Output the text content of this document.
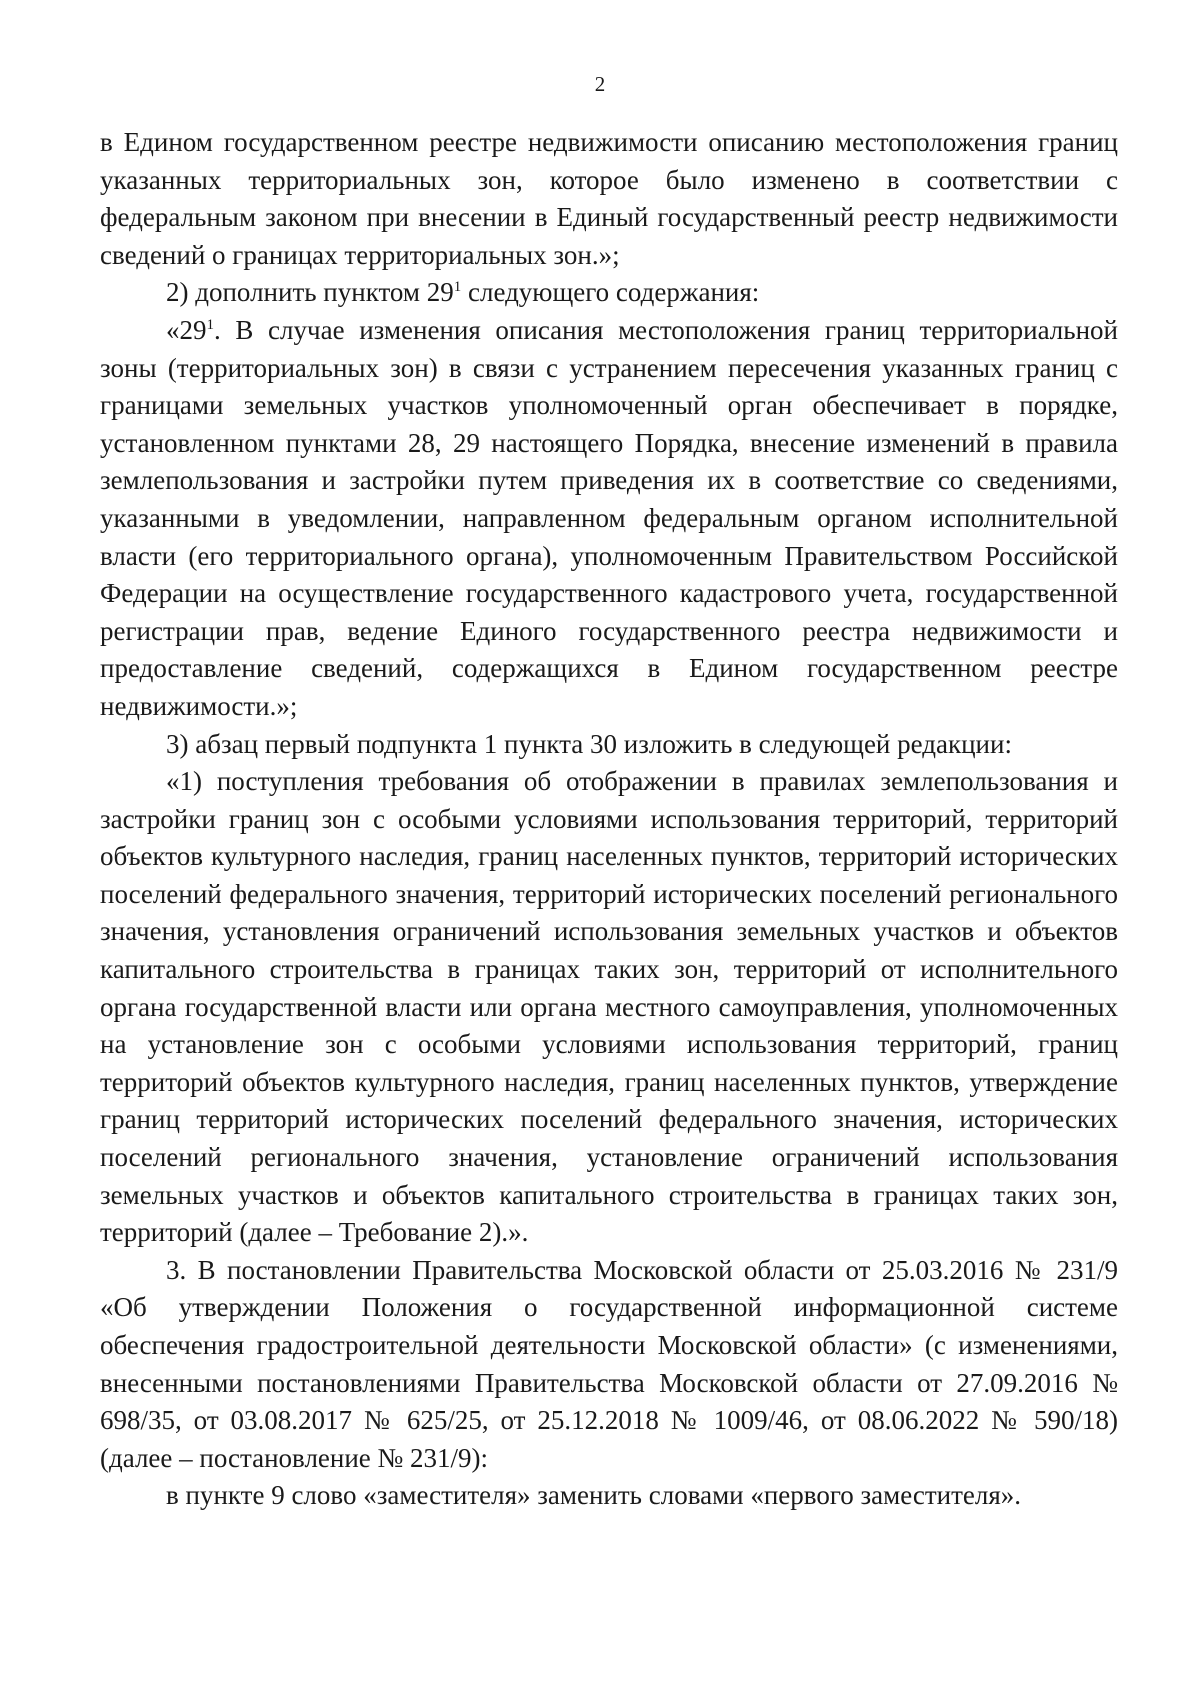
2

в Едином государственном реестре недвижимости описанию местоположения границ указанных территориальных зон, которое было изменено в соответствии с федеральным законом при внесении в Единый государственный реестр недвижимости сведений о границах территориальных зон.»;

2) дополнить пунктом $29^1$ следующего содержания:

«$29^1$. В случае изменения описания местоположения границ территориальной зоны (территориальных зон) в связи с устранением пересечения указанных границ с границами земельных участков уполномоченный орган обеспечивает в порядке, установленном пунктами 28, 29 настоящего Порядка, внесение изменений в правила землепользования и застройки путем приведения их в соответствие со сведениями, указанными в уведомлении, направленном федеральным органом исполнительной власти (его территориального органа), уполномоченным Правительством Российской Федерации на осуществление государственного кадастрового учета, государственной регистрации прав, ведение Единого государственного реестра недвижимости и предоставление сведений, содержащихся в Едином государственном реестре недвижимости.»;

3) абзац первый подпункта 1 пункта 30 изложить в следующей редакции:

«1) поступления требования об отображении в правилах землепользования и застройки границ зон с особыми условиями использования территорий, территорий объектов культурного наследия, границ населенных пунктов, территорий исторических поселений федерального значения, территорий исторических поселений регионального значения, установления ограничений использования земельных участков и объектов капитального строительства в границах таких зон, территорий от исполнительного органа государственной власти или органа местного самоуправления, уполномоченных на установление зон с особыми условиями использования территорий, границ территорий объектов культурного наследия, границ населенных пунктов, утверждение границ территорий исторических поселений федерального значения, исторических поселений регионального значения, установление ограничений использования земельных участков и объектов капитального строительства в границах таких зон, территорий (далее – Требование 2).».

3. В постановлении Правительства Московской области от 25.03.2016 № 231/9 «Об утверждении Положения о государственной информационной системе обеспечения градостроительной деятельности Московской области» (с изменениями, внесенными постановлениями Правительства Московской области от 27.09.2016 № 698/35, от 03.08.2017 № 625/25, от 25.12.2018 № 1009/46, от 08.06.2022 № 590/18) (далее – постановление № 231/9):

в пункте 9 слово «заместителя» заменить словами «первого заместителя».
